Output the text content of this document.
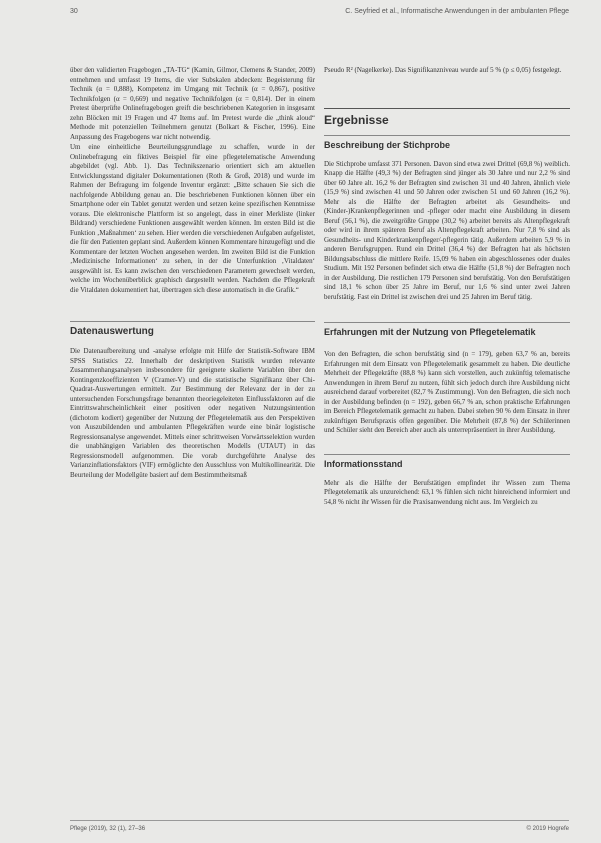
30	C. Seyfried et al., Informatische Anwendungen in der ambulanten Pflege

über den validierten Fragebogen „TA-TG“ (Kamin, Gilmor, Clemens & Stander, 2009) entnehmen und umfasst 19 Items, die vier Subskalen abdecken: Begeisterung für Technik (α = 0,888), Kompetenz im Umgang mit Technik (α = 0,867), positive Technikfolgen (α = 0,669) und negative Technikfolgen (α = 0,814). Der in einem Pretest überprüfte Onlinefragebogen greift die beschriebenen Kategorien in insgesamt zehn Blöcken mit 19 Fragen und 47 Items auf. Im Pretest wurde die „think aloud“ Methode mit potenziellen Teilnehmern genutzt (Bolkart & Fischer, 1996). Eine Anpassung des Fragebogens war nicht notwendig.

Um eine einheitliche Beurteilungsgrundlage zu schaffen, wurde in der Onlinebefragung ein fiktives Beispiel für eine pflegetelematische Anwendung abgebildet (vgl. Abb. 1). Das Technikszenario orientiert sich am aktuellen Entwicklungsstand digitaler Dokumentationen (Roth & Groß, 2018) und wurde im Rahmen der Befragung im folgende Inventur ergänzt: „Bitte schauen Sie sich die nachfolgende Abbildung genau an. Die beschriebenen Funktionen können über ein Smartphone oder ein Tablet genutzt werden und setzen keine spezifischen Kenntnisse voraus. Die elektronische Plattform ist so angelegt, dass in einer Merkliste (linker Bildrand) verschiedene Funktionen ausgewählt werden können. Im ersten Bild ist die Funktion ‚Maßnahmen‘ zu sehen. Hier werden die verschiedenen Aufgaben aufgelistet, die für den Patienten geplant sind. Außerdem können Kommentare hinzugefügt und die Kommentare der letzten Wochen angesehen werden. Im zweiten Bild ist die Funktion ‚Medizinische Informationen‘ zu sehen, in der die Unterfunktion ‚Vitaldaten‘ ausgewählt ist. Es kann zwischen den verschiedenen Parametern gewechselt werden, welche im Wochenüberblick graphisch dargestellt werden. Nachdem die Pflegekraft die Vitaldaten dokumentiert hat, übertragen sich diese automatisch in die Grafik.“

Datenauswertung

Die Datenaufbereitung und -analyse erfolgte mit Hilfe der Statistik-Software IBM SPSS Statistics 22. Innerhalb der deskriptiven Statistik wurden relevante Zusammenhangsanalysen insbesondere für geeignete skalierte Variablen über den Kontingenzkoeffizienten V (Cramer-V) und die statistische Signifikanz über Chi-Quadrat-Auswertungen ermittelt. Zur Bestimmung der Relevanz der in der zu untersuchenden Forschungsfrage benannten theoriegeleiteten Einflussfaktoren auf die Eintrittswahrscheinlichkeit einer positiven oder negativen Nutzungsintention (dichotom kodiert) gegenüber der Nutzung der Pflegetelematik aus den Perspektiven von Auszubildenden und ambulanten Pflegekräften wurde eine binär logistische Regressionsanalyse angewendet. Mittels einer schrittweisen Vorwärtsselektion wurden die unabhängigen Variablen des theoretischen Modells (UTAUT) in das Regressionsmodell aufgenommen. Die vorab durchgeführte Analyse des Varianzinflationsfaktors (VIF) ermöglichte den Ausschluss von Multikollinearität. Die Beurteilung der Modellgüte basiert auf dem Bestimmtheitsmaß

Pseudo R² (Nagelkerke). Das Signifikanzniveau wurde auf 5 % (p ≤ 0,05) festgelegt.

Ergebnisse
Beschreibung der Stichprobe

Die Stichprobe umfasst 371 Personen. Davon sind etwa zwei Drittel (69,8 %) weiblich. Knapp die Hälfte (49,3 %) der Befragten sind jünger als 30 Jahre und nur 2,2 % sind über 60 Jahre alt. 16,2 % der Befragten sind zwischen 31 und 40 Jahren, ähnlich viele (15,9 %) sind zwischen 41 und 50 Jahren oder zwischen 51 und 60 Jahren (16,2 %). Mehr als die Hälfte der Befragten arbeitet als Gesundheits- und (Kinder-)Krankenpflegerinnen und -pfleger oder macht eine Ausbildung in diesem Beruf (56,1 %), die zweitgrößte Gruppe (30,2 %) arbeitet bereits als Altenpflegekraft oder wird in ihrem späteren Beruf als Altenpflegekraft arbeiten. Nur 7,8 % sind als Gesundheits- und Kinderkrankenpfleger/-pflegerin tätig. Außerdem arbeiten 5,9 % in anderen Berufsgruppen. Rund ein Drittel (36,4 %) der Befragten hat als höchsten Bildungsabschluss die mittlere Reife. 15,09 % haben ein abgeschlossenes oder duales Studium. Mit 192 Personen befindet sich etwa die Hälfte (51,8 %) der Befragten noch in der Ausbildung. Die restlichen 179 Personen sind berufstätig. Von den Berufstätigen sind 18,1 % schon über 25 Jahre im Beruf, nur 1,6 % sind unter zwei Jahren berufstätig. Fast ein Drittel ist zwischen drei und 25 Jahren im Beruf tätig.

Erfahrungen mit der Nutzung von Pflegetelematik

Von den Befragten, die schon berufstätig sind (n = 179), geben 63,7 % an, bereits Erfahrungen mit dem Einsatz von Pflegetelematik gesammelt zu haben. Die deutliche Mehrheit der Pflegekräfte (88,8 %) kann sich vorstellen, auch zukünftig telematische Anwendungen in ihrem Beruf zu nutzen, fühlt sich jedoch durch ihre Ausbildung nicht ausreichend darauf vorbereitet (82,7 % Zustimmung). Von den Befragten, die sich noch in der Ausbildung befinden (n = 192), geben 66,7 % an, schon praktische Erfahrungen im Bereich Pflegetelematik gemacht zu haben. Dabei stehen 90 % dem Einsatz in ihrer zukünftigen Berufspraxis offen gegenüber. Die Mehrheit (87,8 %) der Schülerinnen und Schüler sieht den Bereich aber auch als unterrepräsentiert in ihrer Ausbildung.

Informationsstand

Mehr als die Hälfte der Berufstätigen empfindet ihr Wissen zum Thema Pflegetelematik als unzureichend: 63,1 % fühlen sich nicht hinreichend informiert und 54,8 % nicht ihr Wissen für die Praxisanwendung nicht aus. Im Vergleich zu

Pflege (2019), 32 (1), 27–36	© 2019 Hogrefe
